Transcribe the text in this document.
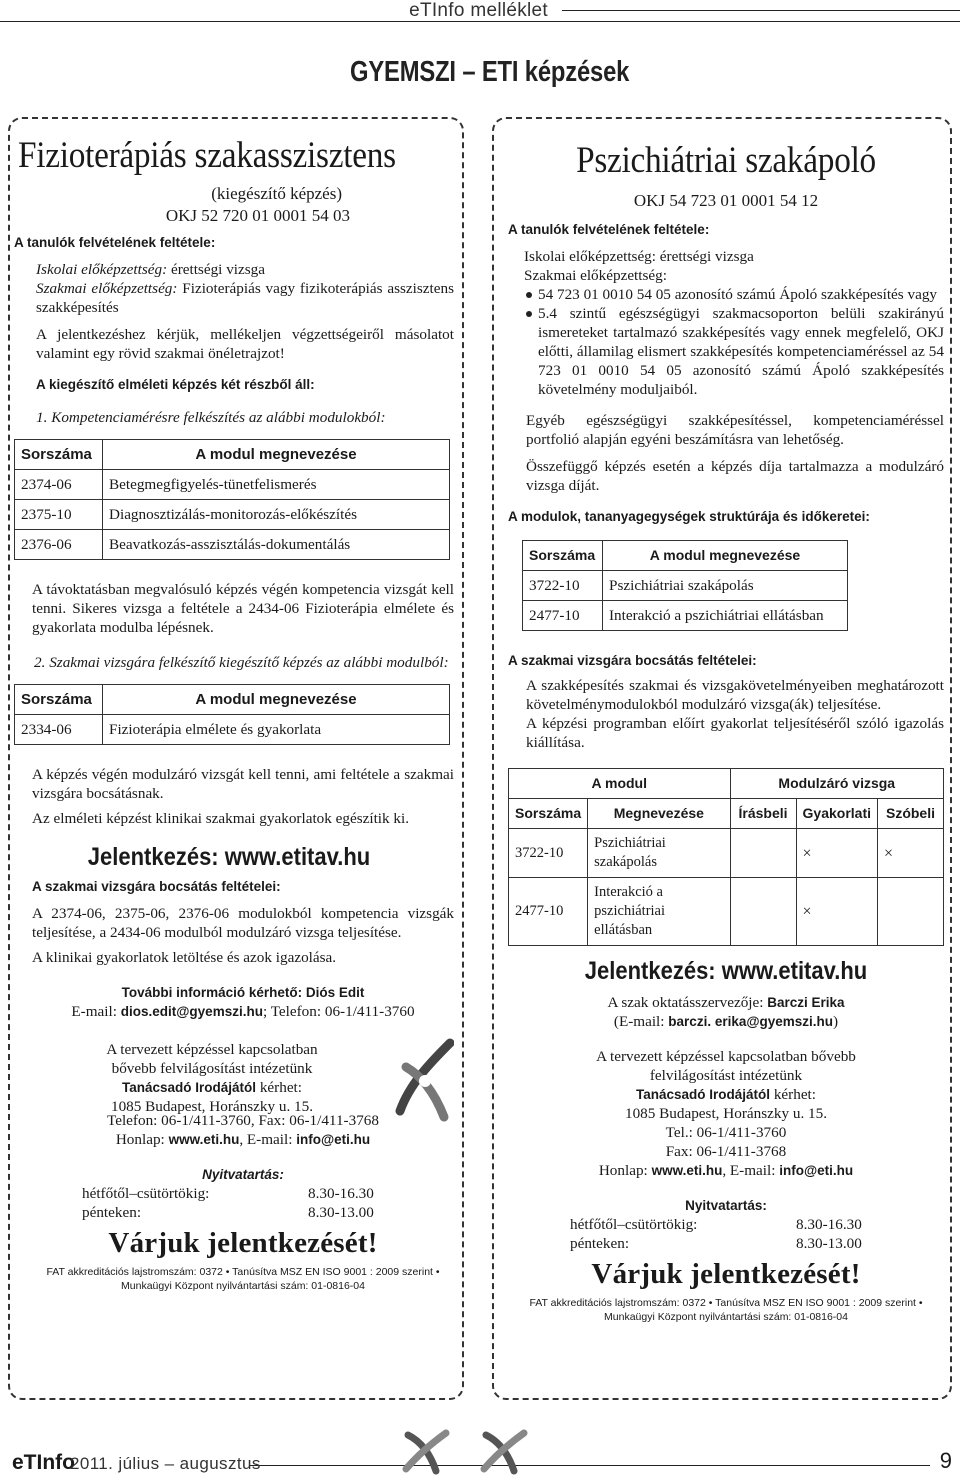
eTInfo melléklet
GYEMSZI – ETI képzések
Fizioterápiás szakasszisztens
(kiegészítő képzés)
OKJ 52 720 01 0001 54 03

A tanulók felvételének feltétele:

Iskolai előképzettség: érettségi vizsga
Szakmai előképzettség: Fizioterápiás vagy fizikoterápiás asszisztens szakképesítés

A jelentkezéshez kérjük, mellékeljen végzettségeiről másolatot valamint egy rövid szakmai önéletrajzot!

A kiegészítő elméleti képzés két részből áll:

1. Kompetenciamérésre felkészítés az alábbi modulokból:

Sorszáma	A modul megnevezése
2374-06	Betegmegfigyelés-tünetfelismerés
2375-10	Diagnosztizálás-monitorozás-előkészítés
2376-06	Beavatkozás-asszisztálás-dokumentálás

A távoktatásban megvalósuló képzés végén kompetencia vizsgát kell tenni. Sikeres vizsga a feltétele a 2434-06 Fizioterápia elmélete és gyakorlata modulba lépésnek.

2. Szakmai vizsgára felkészítő kiegészítő képzés az alábbi modulból:

Sorszáma	A modul megnevezése
2334-06	Fizioterápia elmélete és gyakorlata

A képzés végén modulzáró vizsgát kell tenni, ami feltétele a szakmai vizsgára bocsátásnak.

Az elméleti képzést klinikai szakmai gyakorlatok egészítik ki.

Jelentkezés: www.etitav.hu

A szakmai vizsgára bocsátás feltételei:

A 2374-06, 2375-06, 2376-06 modulokból kompetencia vizsgák teljesítése, a 2434-06 modulból modulzáró vizsga teljesítése.

A klinikai gyakorlatok letöltése és azok igazolása.

További információ kérhető: Diós Edit
E-mail: dios.edit@gyemszi.hu; Telefon: 06-1/411-3760
A tervezett képzéssel kapcsolatban
bővebb felvilágosítást intézetünk
Tanácsadó Irodájától kérhet:
1085 Budapest, Horánszky u. 15.
Telefon: 06-1/411-3760, Fax: 06-1/411-3768
Honlap: www.eti.hu, E-mail: info@eti.hu
Nyitvatartás:
hétfőtől–csütörtökig:	8.30-16.30
pénteken:	8.30-13.00
Várjuk jelentkezését!
FAT akkreditációs lajstromszám: 0372 • Tanúsítva MSZ EN ISO 9001 : 2009 szerint •
Munkaügyi Központ nyilvántartási szám: 01-0816-04
Pszichiátriai szakápoló
OKJ 54 723 01 0001 54 12

A tanulók felvételének feltétele:

Iskolai előképzettség: érettségi vizsga
Szakmai előképzettség:
54 723 01 0010 54 05 azonosító számú Ápoló szakképesítés vagy
5.4 szintű egészségügyi szakmacsoporton belüli szakirányú ismereteket tartalmazó szakképesítés vagy ennek megfelelő, OKJ előtti, államilag elismert szakképesítés kompetenciaméréssel az 54 723 01 0010 54 05 azonosító számú Ápoló szakképesítés követelmény moduljaiból.

Egyéb egészségügyi szakképesítéssel, kompetenciaméréssel portfolió alapján egyéni beszámításra van lehetőség.

Összefüggő képzés esetén a képzés díja tartalmazza a modulzáró vizsga díját.

A modulok, tananyagegységek struktúrája és időkeretei:

Sorszáma	A modul megnevezése
3722-10	Pszichiátriai szakápolás
2477-10	Interakció a pszichiátriai ellátásban

A szakmai vizsgára bocsátás feltételei:

A szakképesítés szakmai és vizsgakövetelményeiben meghatározott követelménymodulokból modulzáró vizsga(ák) teljesítése.

A képzési programban előírt gyakorlat teljesítéséről szóló igazolás kiállítása.

A modul		Modulzáró vizsga		
Sorszáma	Megnevezése	Írásbeli	Gyakorlati	Szóbeli
3722-10	Pszichiátriai szakápolás		×	×
2477-10	Interakció a pszichiátriai ellátásban		×	
Jelentkezés: www.etitav.hu
A szak oktatásszervezője: Barczi Erika
(E-mail: barczi. erika@gyemszi.hu)
A tervezett képzéssel kapcsolatban bővebb
felvilágosítást intézetünk
Tanácsadó Irodájától kérhet:
1085 Budapest, Horánszky u. 15.
Tel.: 06-1/411-3760
Fax: 06-1/411-3768
Honlap: www.eti.hu, E-mail: info@eti.hu
Nyitvatartás:
hétfőtől–csütörtökig:	8.30-16.30
pénteken:	8.30-13.00
Várjuk jelentkezését!
FAT akkreditációs lajstromszám: 0372 • Tanúsítva MSZ EN ISO 9001 : 2009 szerint •
Munkaügyi Központ nyilvántartási szám: 01-0816-04
eTInfo
2011. július – augusztus	9
